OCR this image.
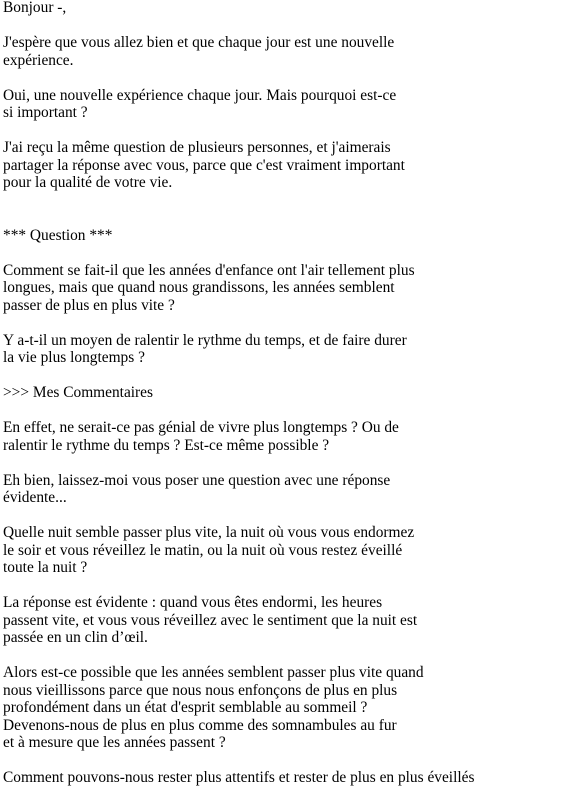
Bonjour -,

J'espère que vous allez bien et que chaque jour est une nouvelle
expérience.

Oui, une nouvelle expérience chaque jour. Mais pourquoi est-ce
si important ?

J'ai reçu la même question de plusieurs personnes, et j'aimerais
partager la réponse avec vous, parce que c'est vraiment important
pour la qualité de votre vie.

*** Question ***

Comment se fait-il que les années d'enfance ont l'air tellement plus
longues, mais que quand nous grandissons, les années semblent
passer de plus en plus vite ?

Y a-t-il un moyen de ralentir le rythme du temps, et de faire durer
la vie plus longtemps ?

>>> Mes Commentaires

En effet, ne serait-ce pas génial de vivre plus longtemps ? Ou de
ralentir le rythme du temps ? Est-ce même possible ?

Eh bien, laissez-moi vous poser une question avec une réponse
évidente...

Quelle nuit semble passer plus vite, la nuit où vous vous endormez
le soir et vous réveillez le matin, ou la nuit où vous restez éveillé
toute la nuit ?

La réponse est évidente : quand vous êtes endormi, les heures
passent vite, et vous vous réveillez avec le sentiment que la nuit est
passée en un clin d’œil.

Alors est-ce possible que les années semblent passer plus vite quand
nous vieillissons parce que nous nous enfonçons de plus en plus
profondément dans un état d'esprit semblable au sommeil ?
Devenons-nous de plus en plus comme des somnambules au fur
et à mesure que les années passent ?

Comment pouvons-nous rester plus attentifs et rester de plus en plus éveillés
